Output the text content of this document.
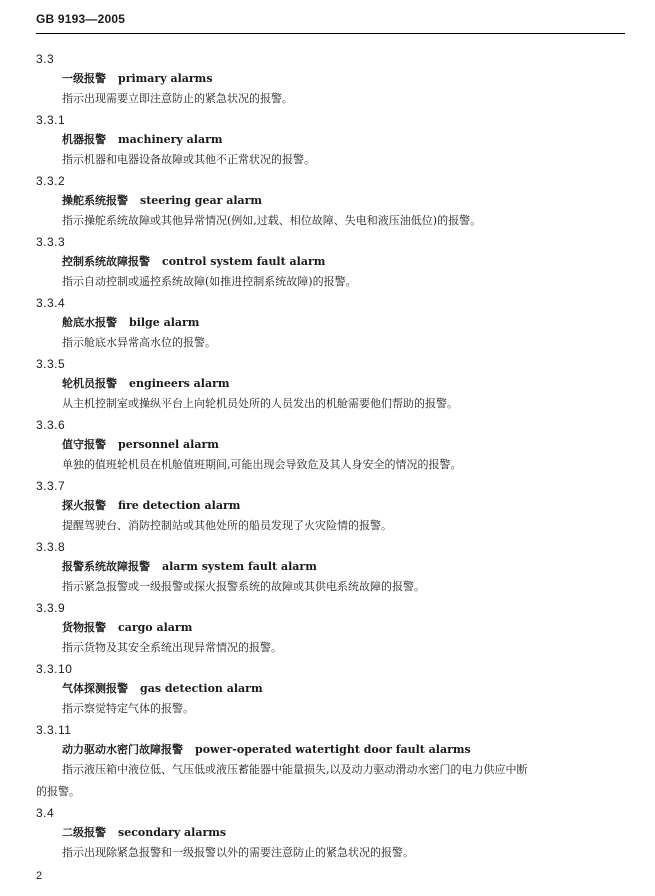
GB 9193—2005
3.3
一级报警 primary alarms
指示出现需要立即注意防止的紧急状况的报警。
3.3.1
机器报警 machinery alarm
指示机器和电器设备故障或其他不正常状况的报警。
3.3.2
操舵系统报警 steering gear alarm
指示操舵系统故障或其他异常情况(例如,过载、相位故障、失电和液压油低位)的报警。
3.3.3
控制系统故障报警 control system fault alarm
指示自动控制或遥控系统故障(如推进控制系统故障)的报警。
3.3.4
舱底水报警 bilge alarm
指示舱底水异常高水位的报警。
3.3.5
轮机员报警 engineers alarm
从主机控制室或操纵平台上向轮机员处所的人员发出的机舱需要他们帮助的报警。
3.3.6
值守报警 personnel alarm
单独的值班轮机员在机舱值班期间,可能出现会导致危及其人身安全的情况的报警。
3.3.7
探火报警 fire detection alarm
提醒驾驶台、消防控制站或其他处所的船员发现了火灾险情的报警。
3.3.8
报警系统故障报警 alarm system fault alarm
指示紧急报警或一级报警或探火报警系统的故障或其供电系统故障的报警。
3.3.9
货物报警 cargo alarm
指示货物及其安全系统出现异常情况的报警。
3.3.10
气体探测报警 gas detection alarm
指示察觉特定气体的报警。
3.3.11
动力驱动水密门故障报警 power-operated watertight door fault alarms
指示液压箱中液位低、气压低或液压蓄能器中能量损失,以及动力驱动滑动水密门的电力供应中断
的报警。
3.4
二级报警 secondary alarms
指示出现除紧急报警和一级报警以外的需要注意防止的紧急状况的报警。
2
